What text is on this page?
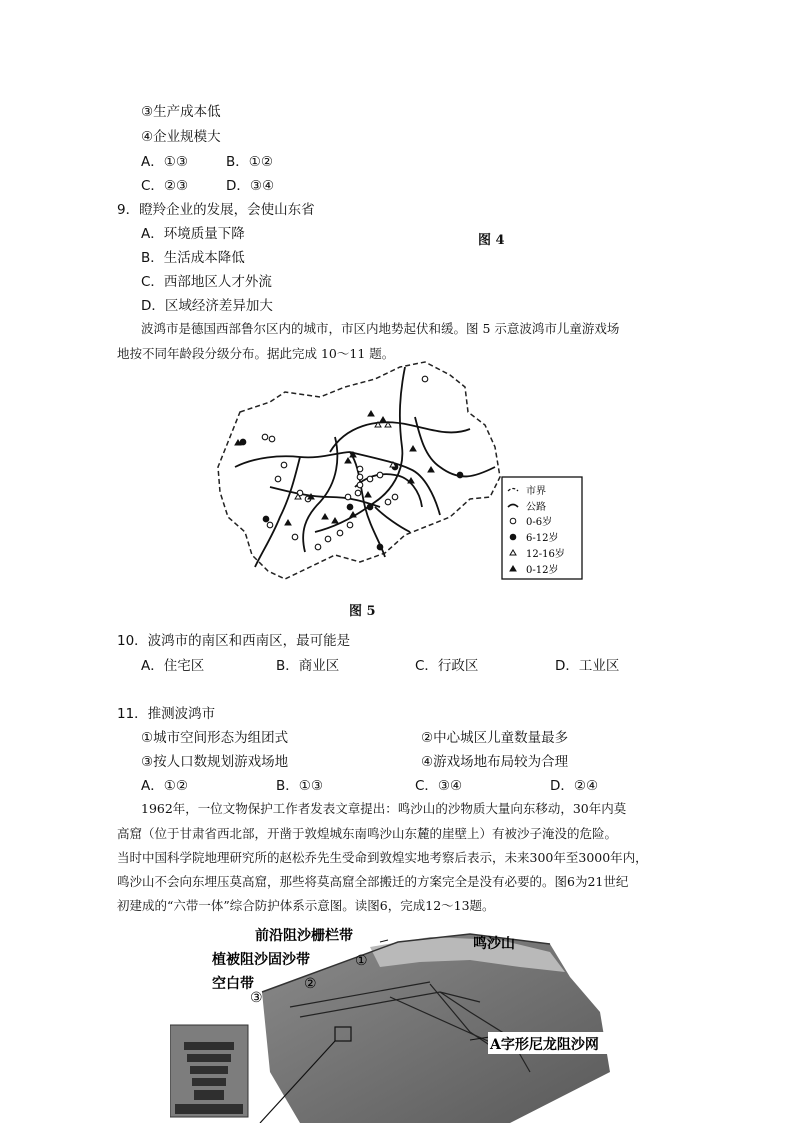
③生产成本低
④企业规模大
A．①③	B．①②
C．②③	D．③④
9．瞪羚企业的发展，会使山东省
A．环境质量下降	图 4
B．生活成本降低
C．西部地区人才外流
D．区域经济差异加大
波鸿市是德国西部鲁尔区内的城市，市区内地势起伏和缓。图 5 示意波鸿市儿童游戏场
地按不同年龄段分级分布。据此完成 10～11 题。
市界
公路
0-6岁
6-12岁
12-16岁
0-12岁
图 5
10．波鸿市的南区和西南区，最可能是
A．住宅区	B．商业区	C．行政区	D．工业区
11．推测波鸿市
①城市空间形态为组团式	②中心城区儿童数量最多
③按人口数规划游戏场地	④游戏场地布局较为合理
A．①②	B．①③	C．③④	D．②④
1962年，一位文物保护工作者发表文章提出：鸣沙山的沙物质大量向东移动，30年内莫
高窟（位于甘肃省西北部，开凿于敦煌城东南鸣沙山东麓的崖壁上）有被沙子淹没的危险。
当时中国科学院地理研究所的赵松乔先生受命到敦煌实地考察后表示，未来300年至3000年内，
鸣沙山不会向东埋压莫高窟，那些将莫高窟全部搬迁的方案完全是没有必要的。图6为21世纪
初建成的“六带一体”综合防护体系示意图。读图6，完成12～13题。
前沿阻沙栅栏带
①
植被阻沙固沙带
②
空白带
③
鸣沙山
A字形尼龙阻沙网
